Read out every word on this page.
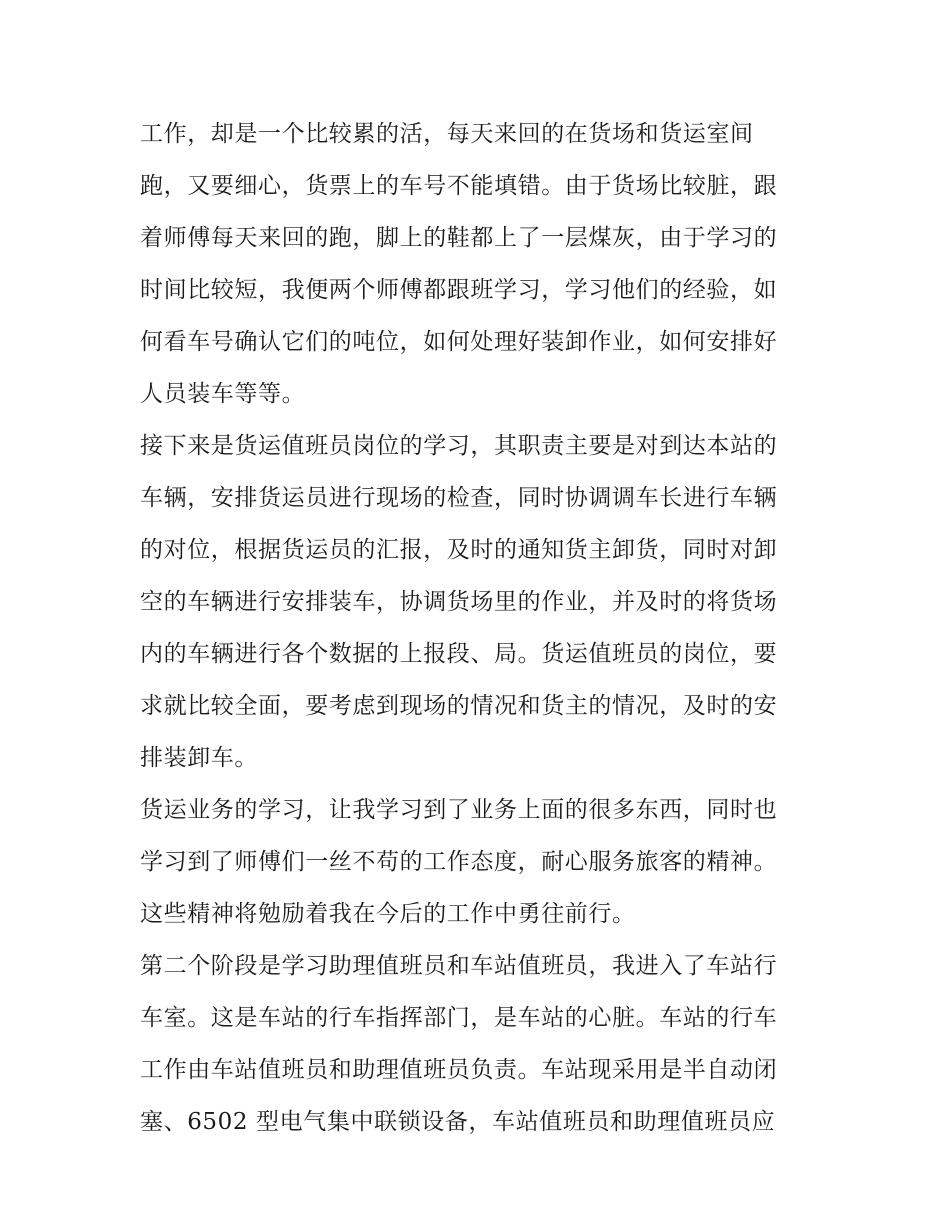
工作，却是一个比较累的活，每天来回的在货场和货运室间
跑，又要细心，货票上的车号不能填错。由于货场比较脏，跟
着师傅每天来回的跑，脚上的鞋都上了一层煤灰，由于学习的
时间比较短，我便两个师傅都跟班学习，学习他们的经验，如
何看车号确认它们的吨位，如何处理好装卸作业，如何安排好
人员装车等等。
接下来是货运值班员岗位的学习，其职责主要是对到达本站的
车辆，安排货运员进行现场的检查，同时协调调车长进行车辆
的对位，根据货运员的汇报，及时的通知货主卸货，同时对卸
空的车辆进行安排装车，协调货场里的作业，并及时的将货场
内的车辆进行各个数据的上报段、局。货运值班员的岗位，要
求就比较全面，要考虑到现场的情况和货主的情况，及时的安
排装卸车。
货运业务的学习，让我学习到了业务上面的很多东西，同时也
学习到了师傅们一丝不苟的工作态度，耐心服务旅客的精神。
这些精神将勉励着我在今后的工作中勇往前行。
第二个阶段是学习助理值班员和车站值班员，我进入了车站行
车室。这是车站的行车指挥部门，是车站的心脏。车站的行车
工作由车站值班员和助理值班员负责。车站现采用是半自动闭
塞、6502 型电气集中联锁设备，车站值班员和助理值班员应
